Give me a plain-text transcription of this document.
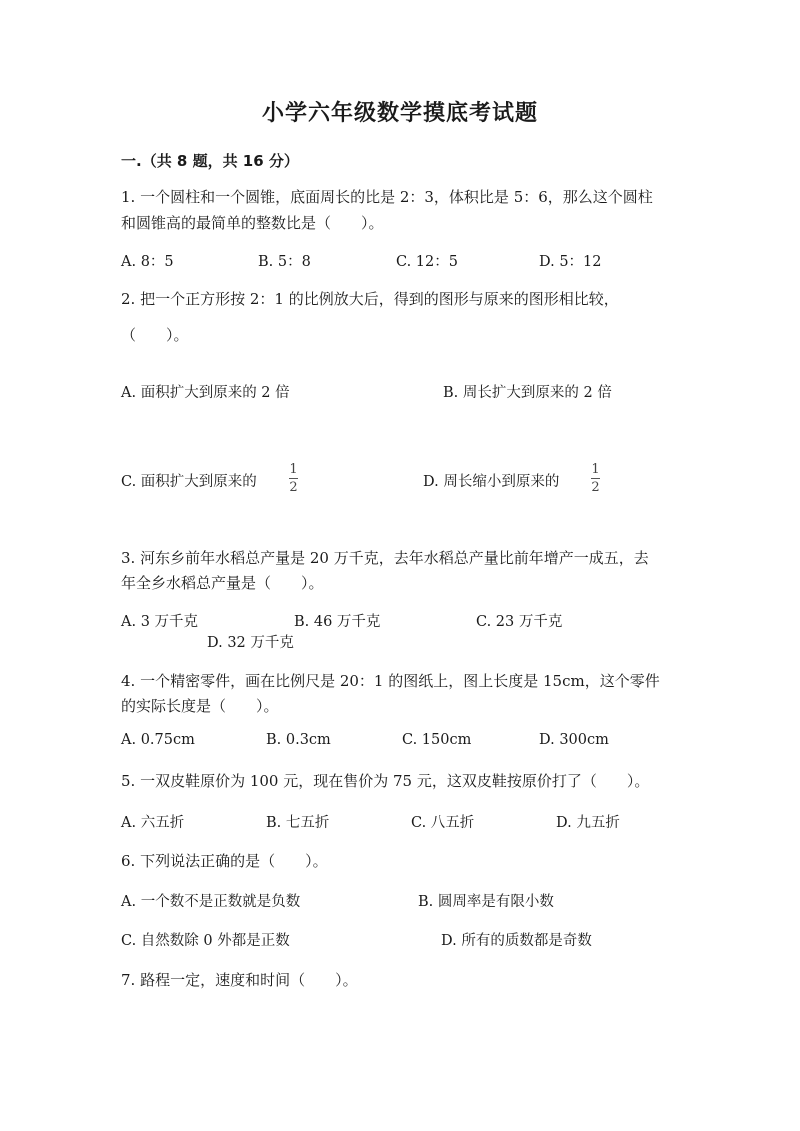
小学六年级数学摸底考试题
一.（共 8 题，共 16 分）
1. 一个圆柱和一个圆锥，底面周长的比是 2：3，体积比是 5：6，那么这个圆柱
和圆锥高的最简单的整数比是（　　）。
A. 8：5	B. 5：8	C. 12：5	D. 5：12
2. 把一个正方形按 2：1 的比例放大后，得到的图形与原来的图形相比较，
（　　）。
A. 面积扩大到原来的 2 倍	B. 周长扩大到原来的 2 倍
C. 面积扩大到原来的
1
2	D. 周长缩小到原来的
1
2
3. 河东乡前年水稻总产量是 20 万千克，去年水稻总产量比前年增产一成五，去
年全乡水稻总产量是（　　）。
A. 3 万千克	B. 46 万千克	C. 23 万千克
D. 32 万千克
4. 一个精密零件，画在比例尺是 20：1 的图纸上，图上长度是 15cm，这个零件
的实际长度是（　　）。
A. 0.75cm	B. 0.3cm	C. 150cm	D. 300cm
5. 一双皮鞋原价为 100 元，现在售价为 75 元，这双皮鞋按原价打了（　　）。
A. 六五折	B. 七五折	C. 八五折	D. 九五折
6. 下列说法正确的是（　　）。
A. 一个数不是正数就是负数	B. 圆周率是有限小数
C. 自然数除 0 外都是正数	D. 所有的质数都是奇数
7. 路程一定，速度和时间（　　）。
